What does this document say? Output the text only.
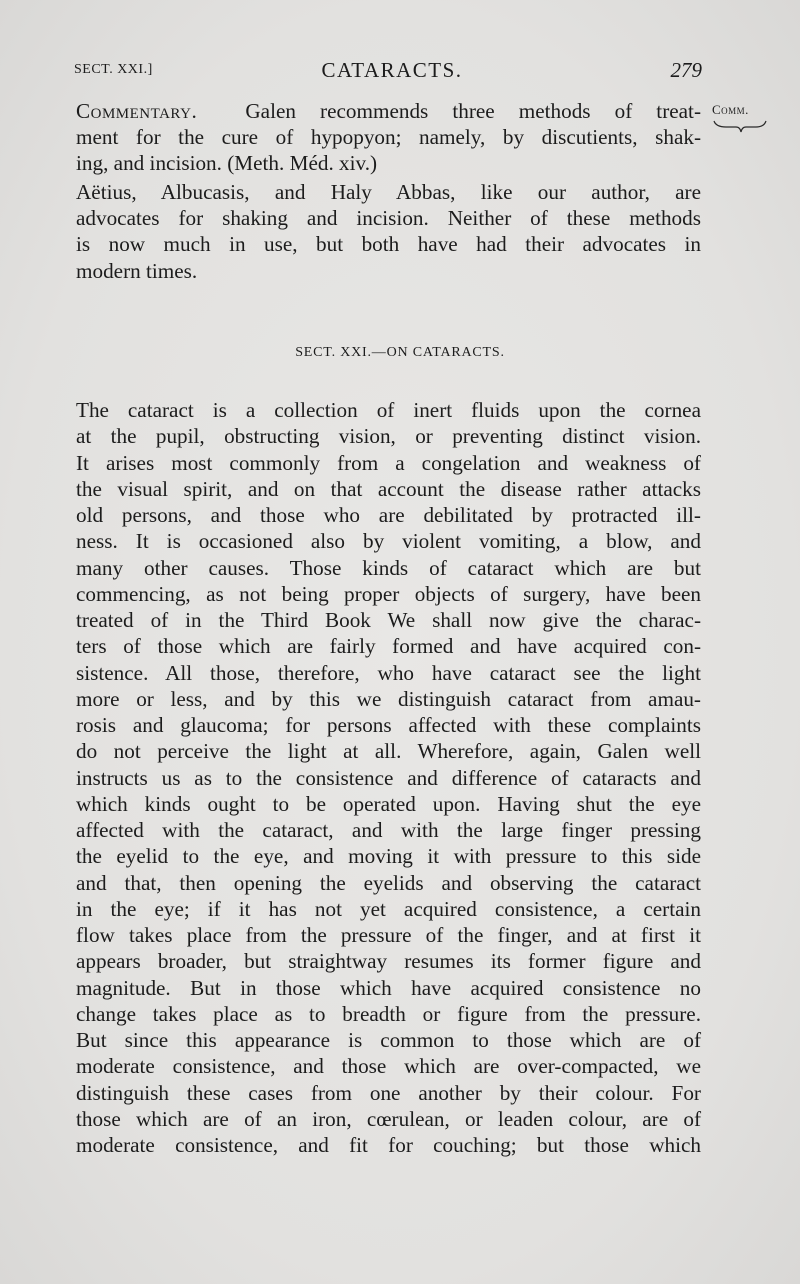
SECT. XXI.]	CATARACTS.	279
Comm.
Commentary. Galen recommends three methods of treat-
ment for the cure of hypopyon; namely, by discutients, shak-
ing, and incision. (Meth. Méd. xiv.)
Aëtius, Albucasis, and Haly Abbas, like our author, are
advocates for shaking and incision. Neither of these methods
is now much in use, but both have had their advocates in
modern times.
SECT. XXI.—ON CATARACTS.
The cataract is a collection of inert fluids upon the cornea
at the pupil, obstructing vision, or preventing distinct vision.
It arises most commonly from a congelation and weakness of
the visual spirit, and on that account the disease rather attacks
old persons, and those who are debilitated by protracted ill-
ness. It is occasioned also by violent vomiting, a blow, and
many other causes. Those kinds of cataract which are but
commencing, as not being proper objects of surgery, have been
treated of in the Third Book We shall now give the charac-
ters of those which are fairly formed and have acquired con-
sistence. All those, therefore, who have cataract see the light
more or less, and by this we distinguish cataract from amau-
rosis and glaucoma; for persons affected with these complaints
do not perceive the light at all. Wherefore, again, Galen well
instructs us as to the consistence and difference of cataracts and
which kinds ought to be operated upon. Having shut the eye
affected with the cataract, and with the large finger pressing
the eyelid to the eye, and moving it with pressure to this side
and that, then opening the eyelids and observing the cataract
in the eye; if it has not yet acquired consistence, a certain
flow takes place from the pressure of the finger, and at first it
appears broader, but straightway resumes its former figure and
magnitude. But in those which have acquired consistence no
change takes place as to breadth or figure from the pressure.
But since this appearance is common to those which are of
moderate consistence, and those which are over-compacted, we
distinguish these cases from one another by their colour. For
those which are of an iron, cœrulean, or leaden colour, are of
moderate consistence, and fit for couching; but those which
